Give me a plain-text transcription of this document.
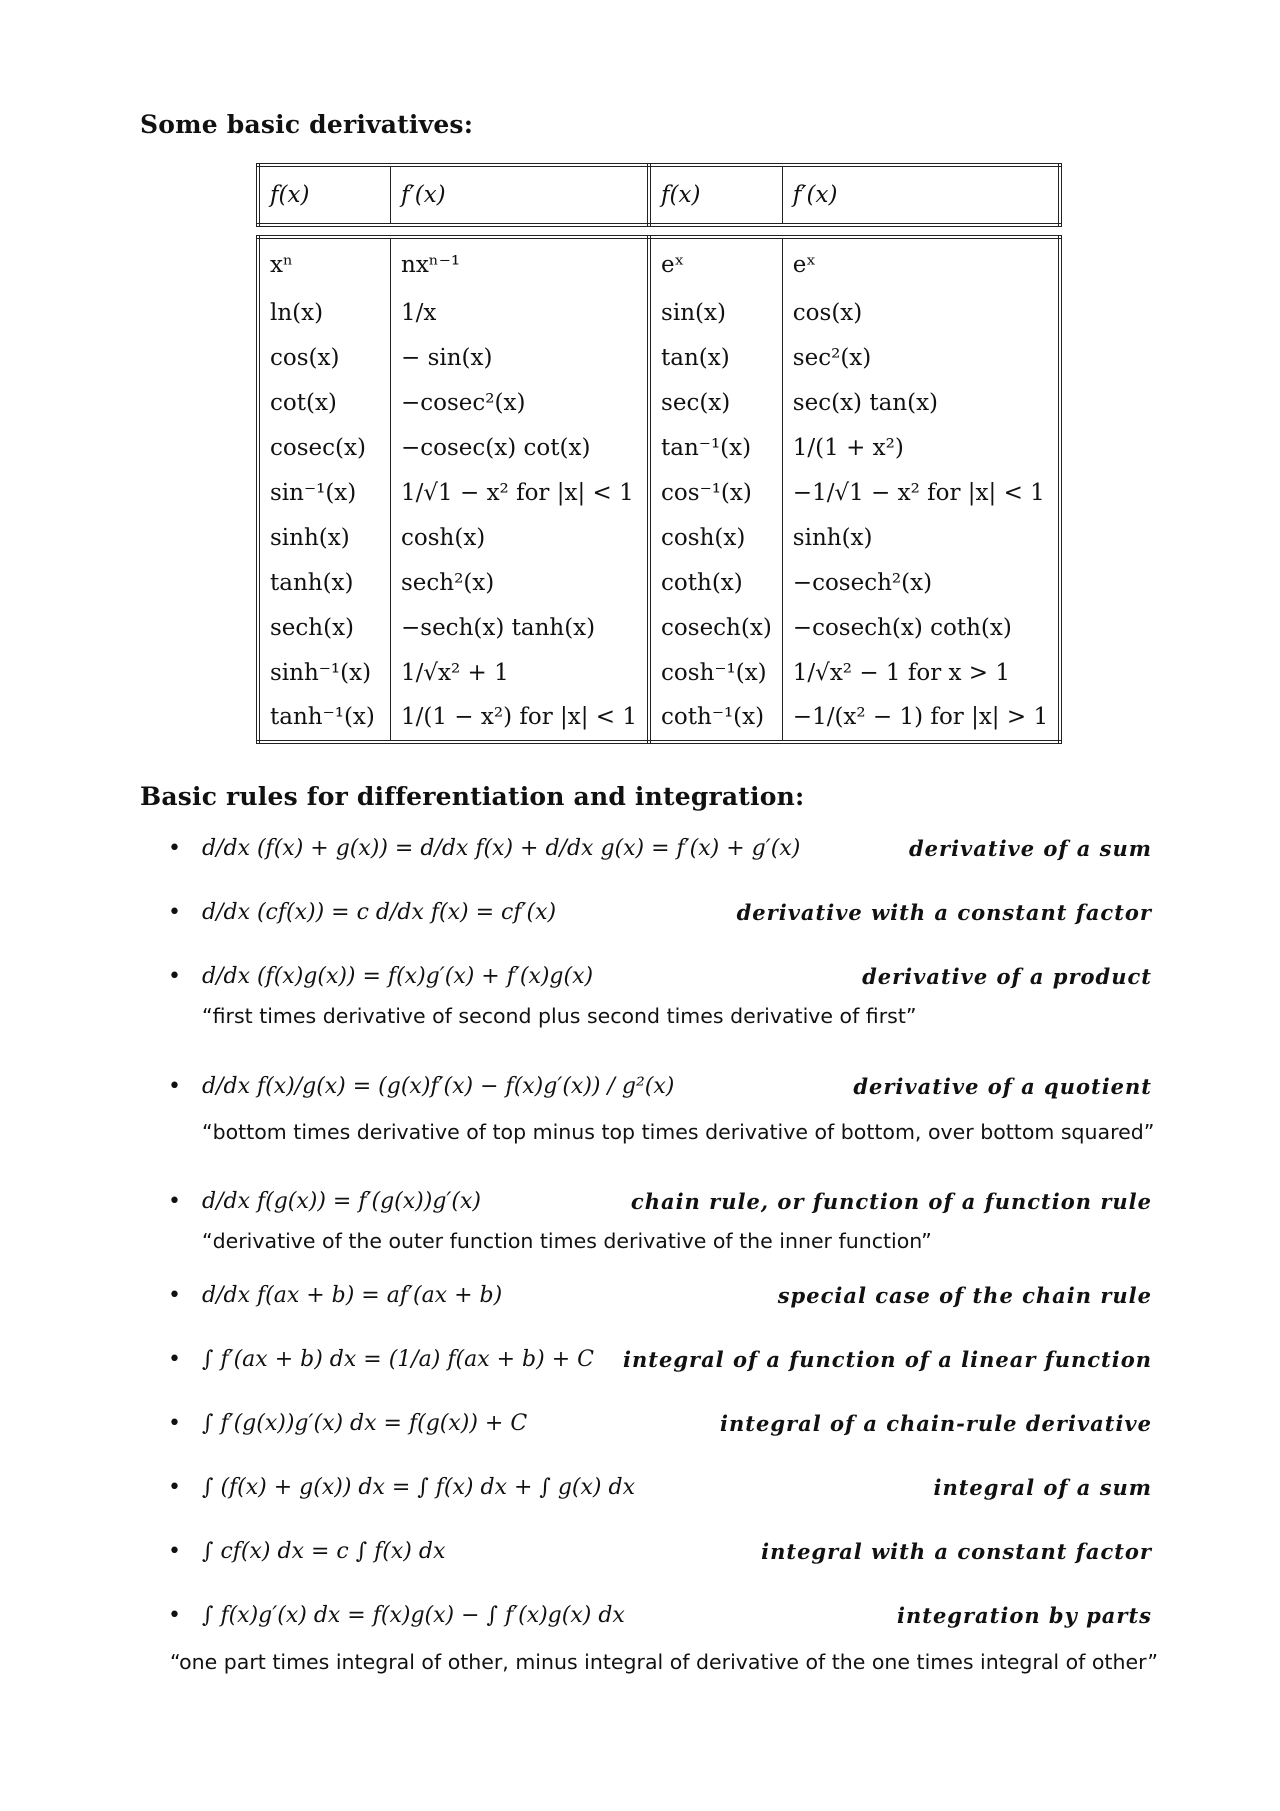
Some basic derivatives:
f(x)	f′(x)	f(x)	f′(x)

xⁿ	nxⁿ⁻¹	eˣ	eˣ
ln(x)	1/x	sin(x)	cos(x)
cos(x)	− sin(x)	tan(x)	sec²(x)
cot(x)	−cosec²(x)	sec(x)	sec(x) tan(x)
cosec(x)	−cosec(x) cot(x)	tan⁻¹(x)	1/(1 + x²)
sin⁻¹(x)	1/√1 − x² for |x| < 1	cos⁻¹(x)	−1/√1 − x² for |x| < 1
sinh(x)	cosh(x)	cosh(x)	sinh(x)
tanh(x)	sech²(x)	coth(x)	−cosech²(x)
sech(x)	−sech(x) tanh(x)	cosech(x)	−cosech(x) coth(x)
sinh⁻¹(x)	1/√x² + 1	cosh⁻¹(x)	1/√x² − 1 for x > 1
tanh⁻¹(x)	1/(1 − x²) for |x| < 1	coth⁻¹(x)	−1/(x² − 1) for |x| > 1
Basic rules for differentiation and integration:
• d/dx (f(x) + g(x)) = d/dx f(x) + d/dx g(x) = f′(x) + g′(x)	derivative of a sum
• d/dx (cf(x)) = c d/dx f(x) = cf′(x)	derivative with a constant factor
• d/dx (f(x)g(x)) = f(x)g′(x) + f′(x)g(x)	derivative of a product
“first times derivative of second plus second times derivative of first”
• d/dx f(x)/g(x) = (g(x)f′(x) − f(x)g′(x)) / g²(x)	derivative of a quotient
“bottom times derivative of top minus top times derivative of bottom, over bottom squared”
• d/dx f(g(x)) = f′(g(x))g′(x)	chain rule, or function of a function rule
“derivative of the outer function times derivative of the inner function”
• d/dx f(ax + b) = af′(ax + b)	special case of the chain rule
• ∫ f′(ax + b) dx = (1/a) f(ax + b) + C integral of a function of a linear function
• ∫ f′(g(x))g′(x) dx = f(g(x)) + C	integral of a chain-rule derivative
• ∫ (f(x) + g(x)) dx = ∫ f(x) dx + ∫ g(x) dx	integral of a sum
• ∫ cf(x) dx = c ∫ f(x) dx	integral with a constant factor
• ∫ f(x)g′(x) dx = f(x)g(x) − ∫ f′(x)g(x) dx	integration by parts
“one part times integral of other, minus integral of derivative of the one times integral of other”
